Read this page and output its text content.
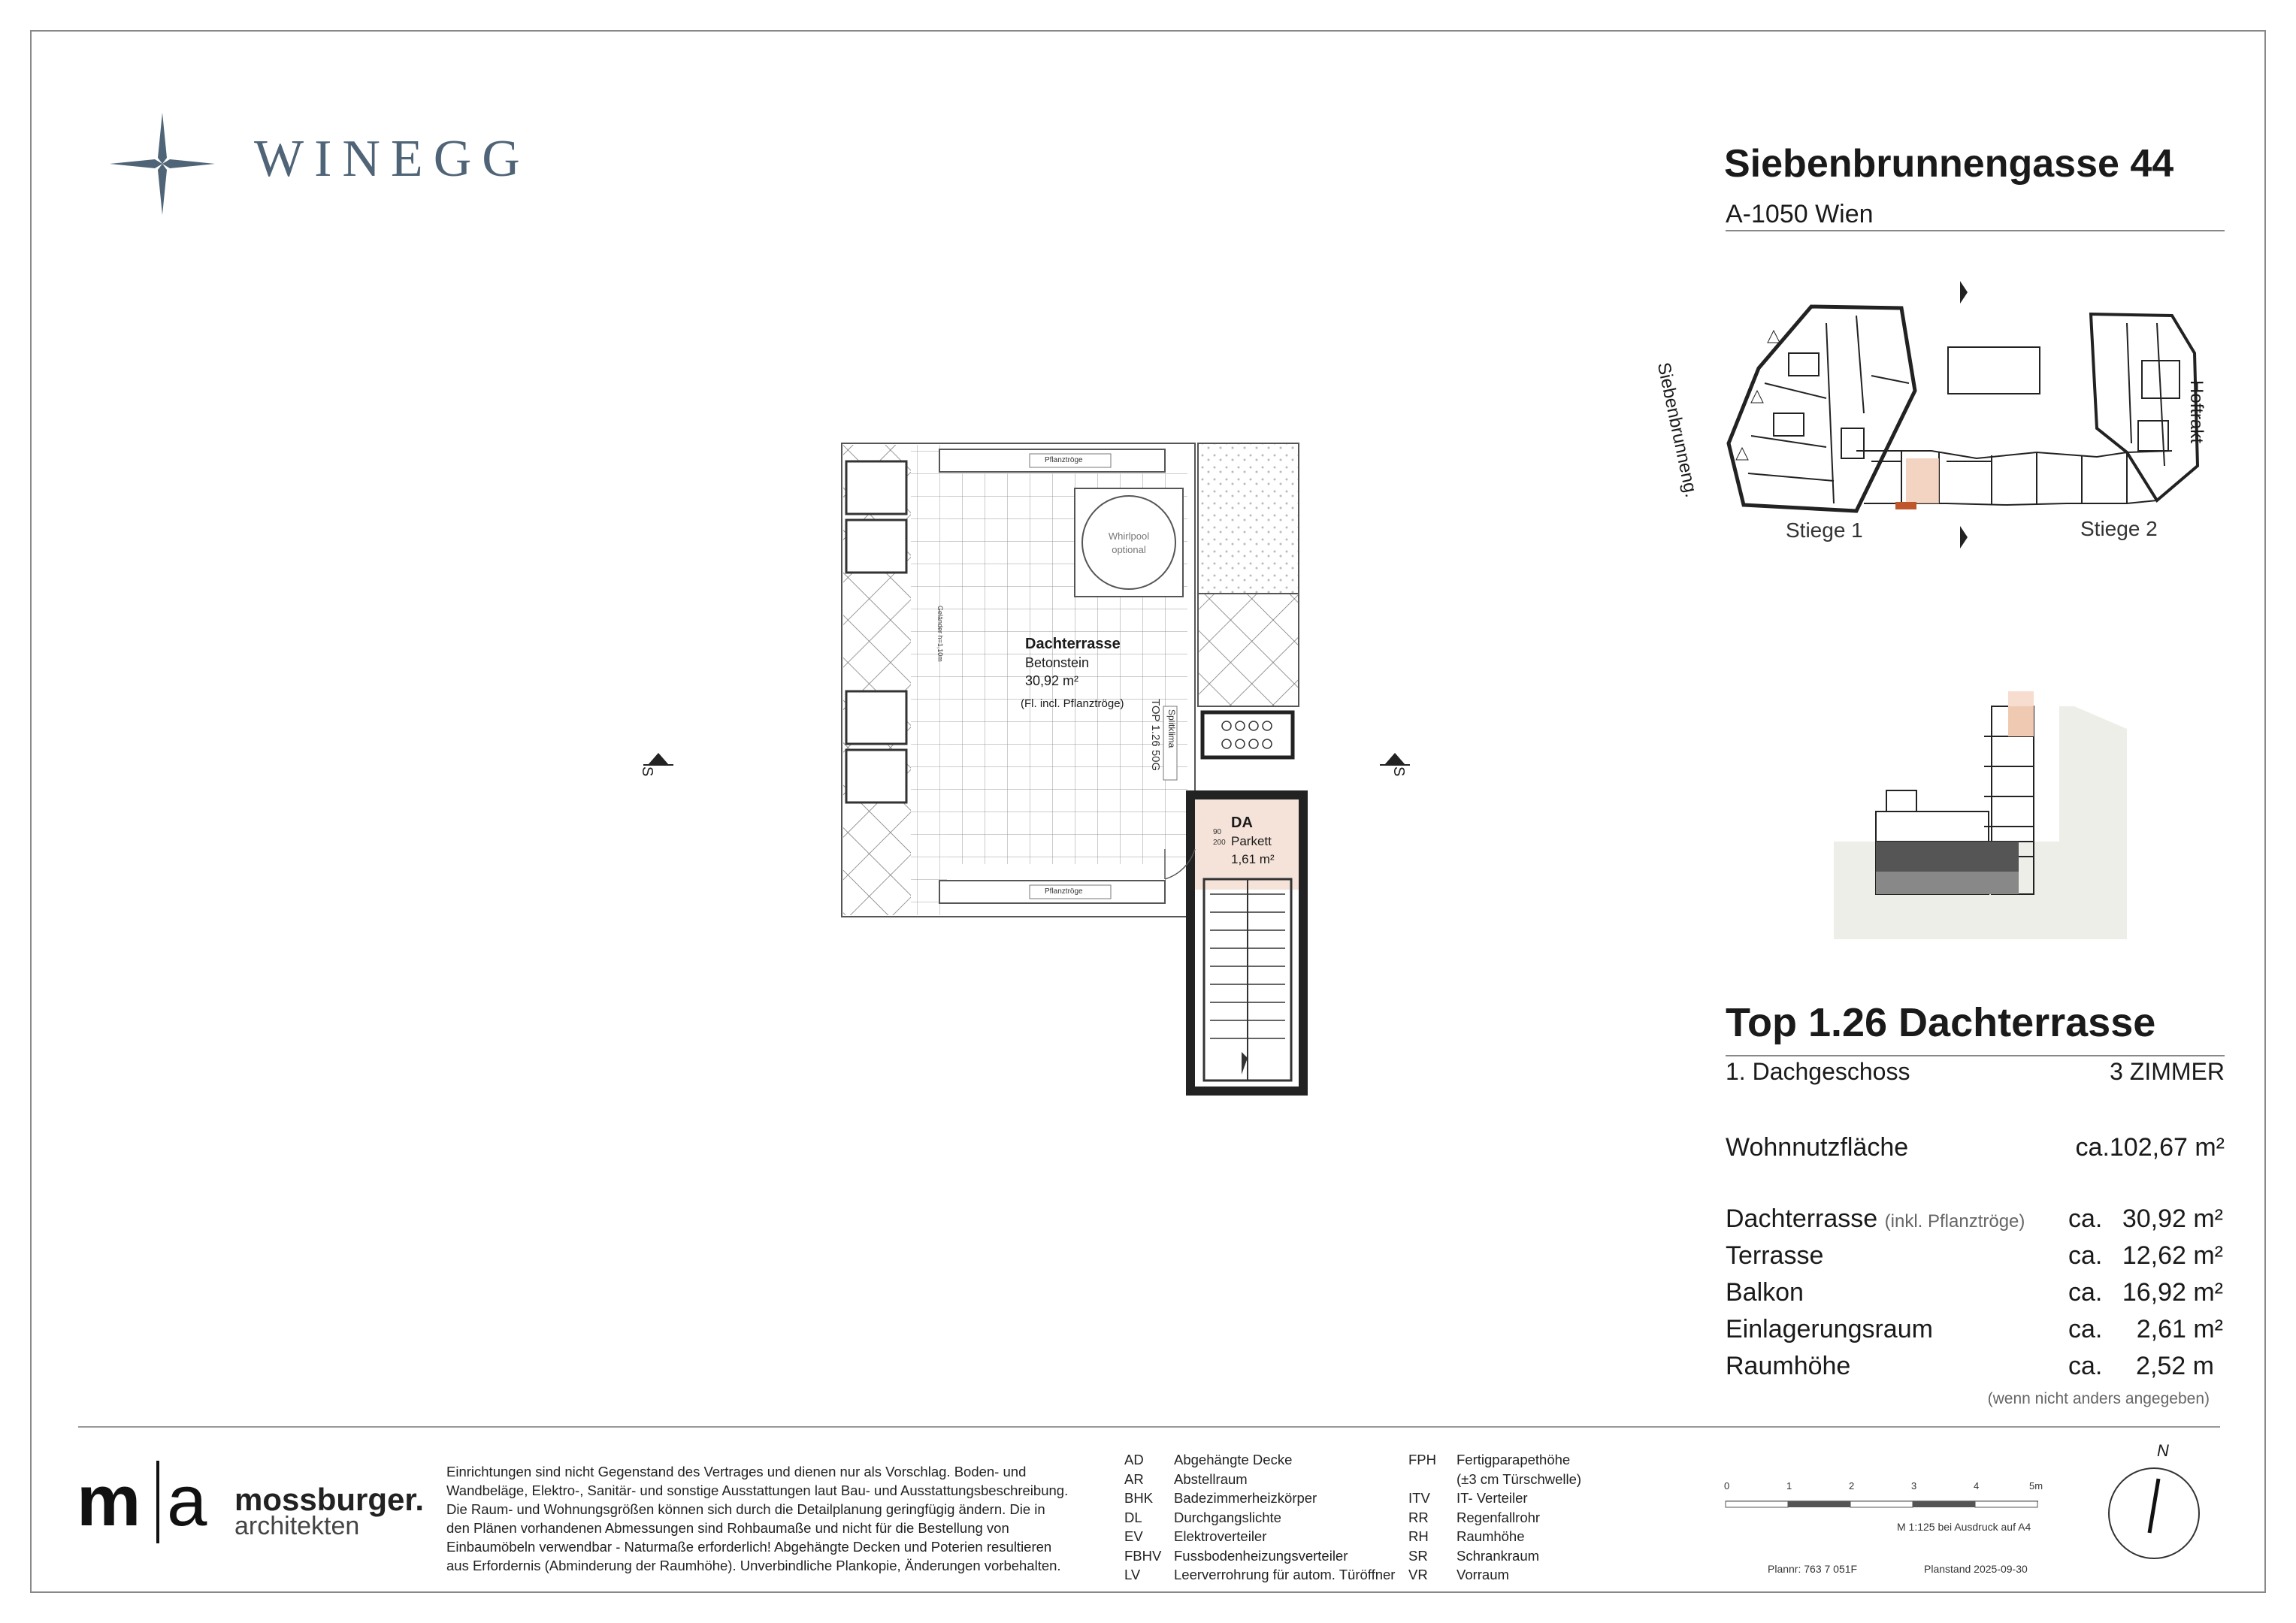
WINEGG	Siebenbrunnengasse 44
A-1050 Wien
Siebenbrunneng.	Hoftrakt
Stiege 1	Stiege 2
Top 1.26 Dachterrasse
1. Dachgeschoss	3 ZIMMER
Wohnnutzfläche	ca.102,67 m²
Dachterrasse (inkl. Pflanztröge) ca. 30,92 m²
Terrasse	ca. 12,62 m²
Balkon	ca. 16,92 m²
Einlagerungsraum	ca.	2,61 m²
Raumhöhe	ca.	2,52 m
(wenn nicht anders angegeben)
Dachterrasse
Betonstein
30,92 m²
(Fl. incl. Pflanztröge)
Pflanztröge
Pflanztröge
Whirlpool
optional
Geländer h=1,10m
Splitklima
TOP 1.26 50G
DA
Parkett
1,61 m²
90
200
S	S
m a mossburger.
architekten
Einrichtungen sind nicht Gegenstand des Vertrages und dienen nur als Vorschlag. Boden- und Wandbeläge, Elektro-, Sanitär- und sonstige Ausstattungen laut Bau- und Ausstattungsbeschreibung. Die Raum- und Wohnungsgrößen können sich durch die Detailplanung geringfügig ändern. Die in den Plänen vorhandenen Abmessungen sind Rohbaumaße und nicht für die Bestellung von Einbaumöbeln verwendbar - Naturmaße erforderlich! Abgehängte Decken und Poterien resultieren aus Erfordernis (Abminderung der Raumhöhe). Unverbindliche Plankopie, Änderungen vorbehalten.
AD	Abgehängte Decke
AR	Abstellraum
BHK	Badezimmerheizkörper
DL	Durchgangslichte
EV	Elektroverteiler
FBHV Fussbodenheizungsverteiler
LV	Leerverrohrung für autom. Türöffner
FPH	Fertigparapethöhe
(±3 cm Türschwelle)
ITV	IT- Verteiler
RR	Regenfallrohr
RH	Raumhöhe
SR	Schrankraum
VR	Vorraum
0	1	2	3	4	5m
M 1:125 bei Ausdruck auf A4
Plannr: 763 7 051F	Planstand 2025-09-30
N
